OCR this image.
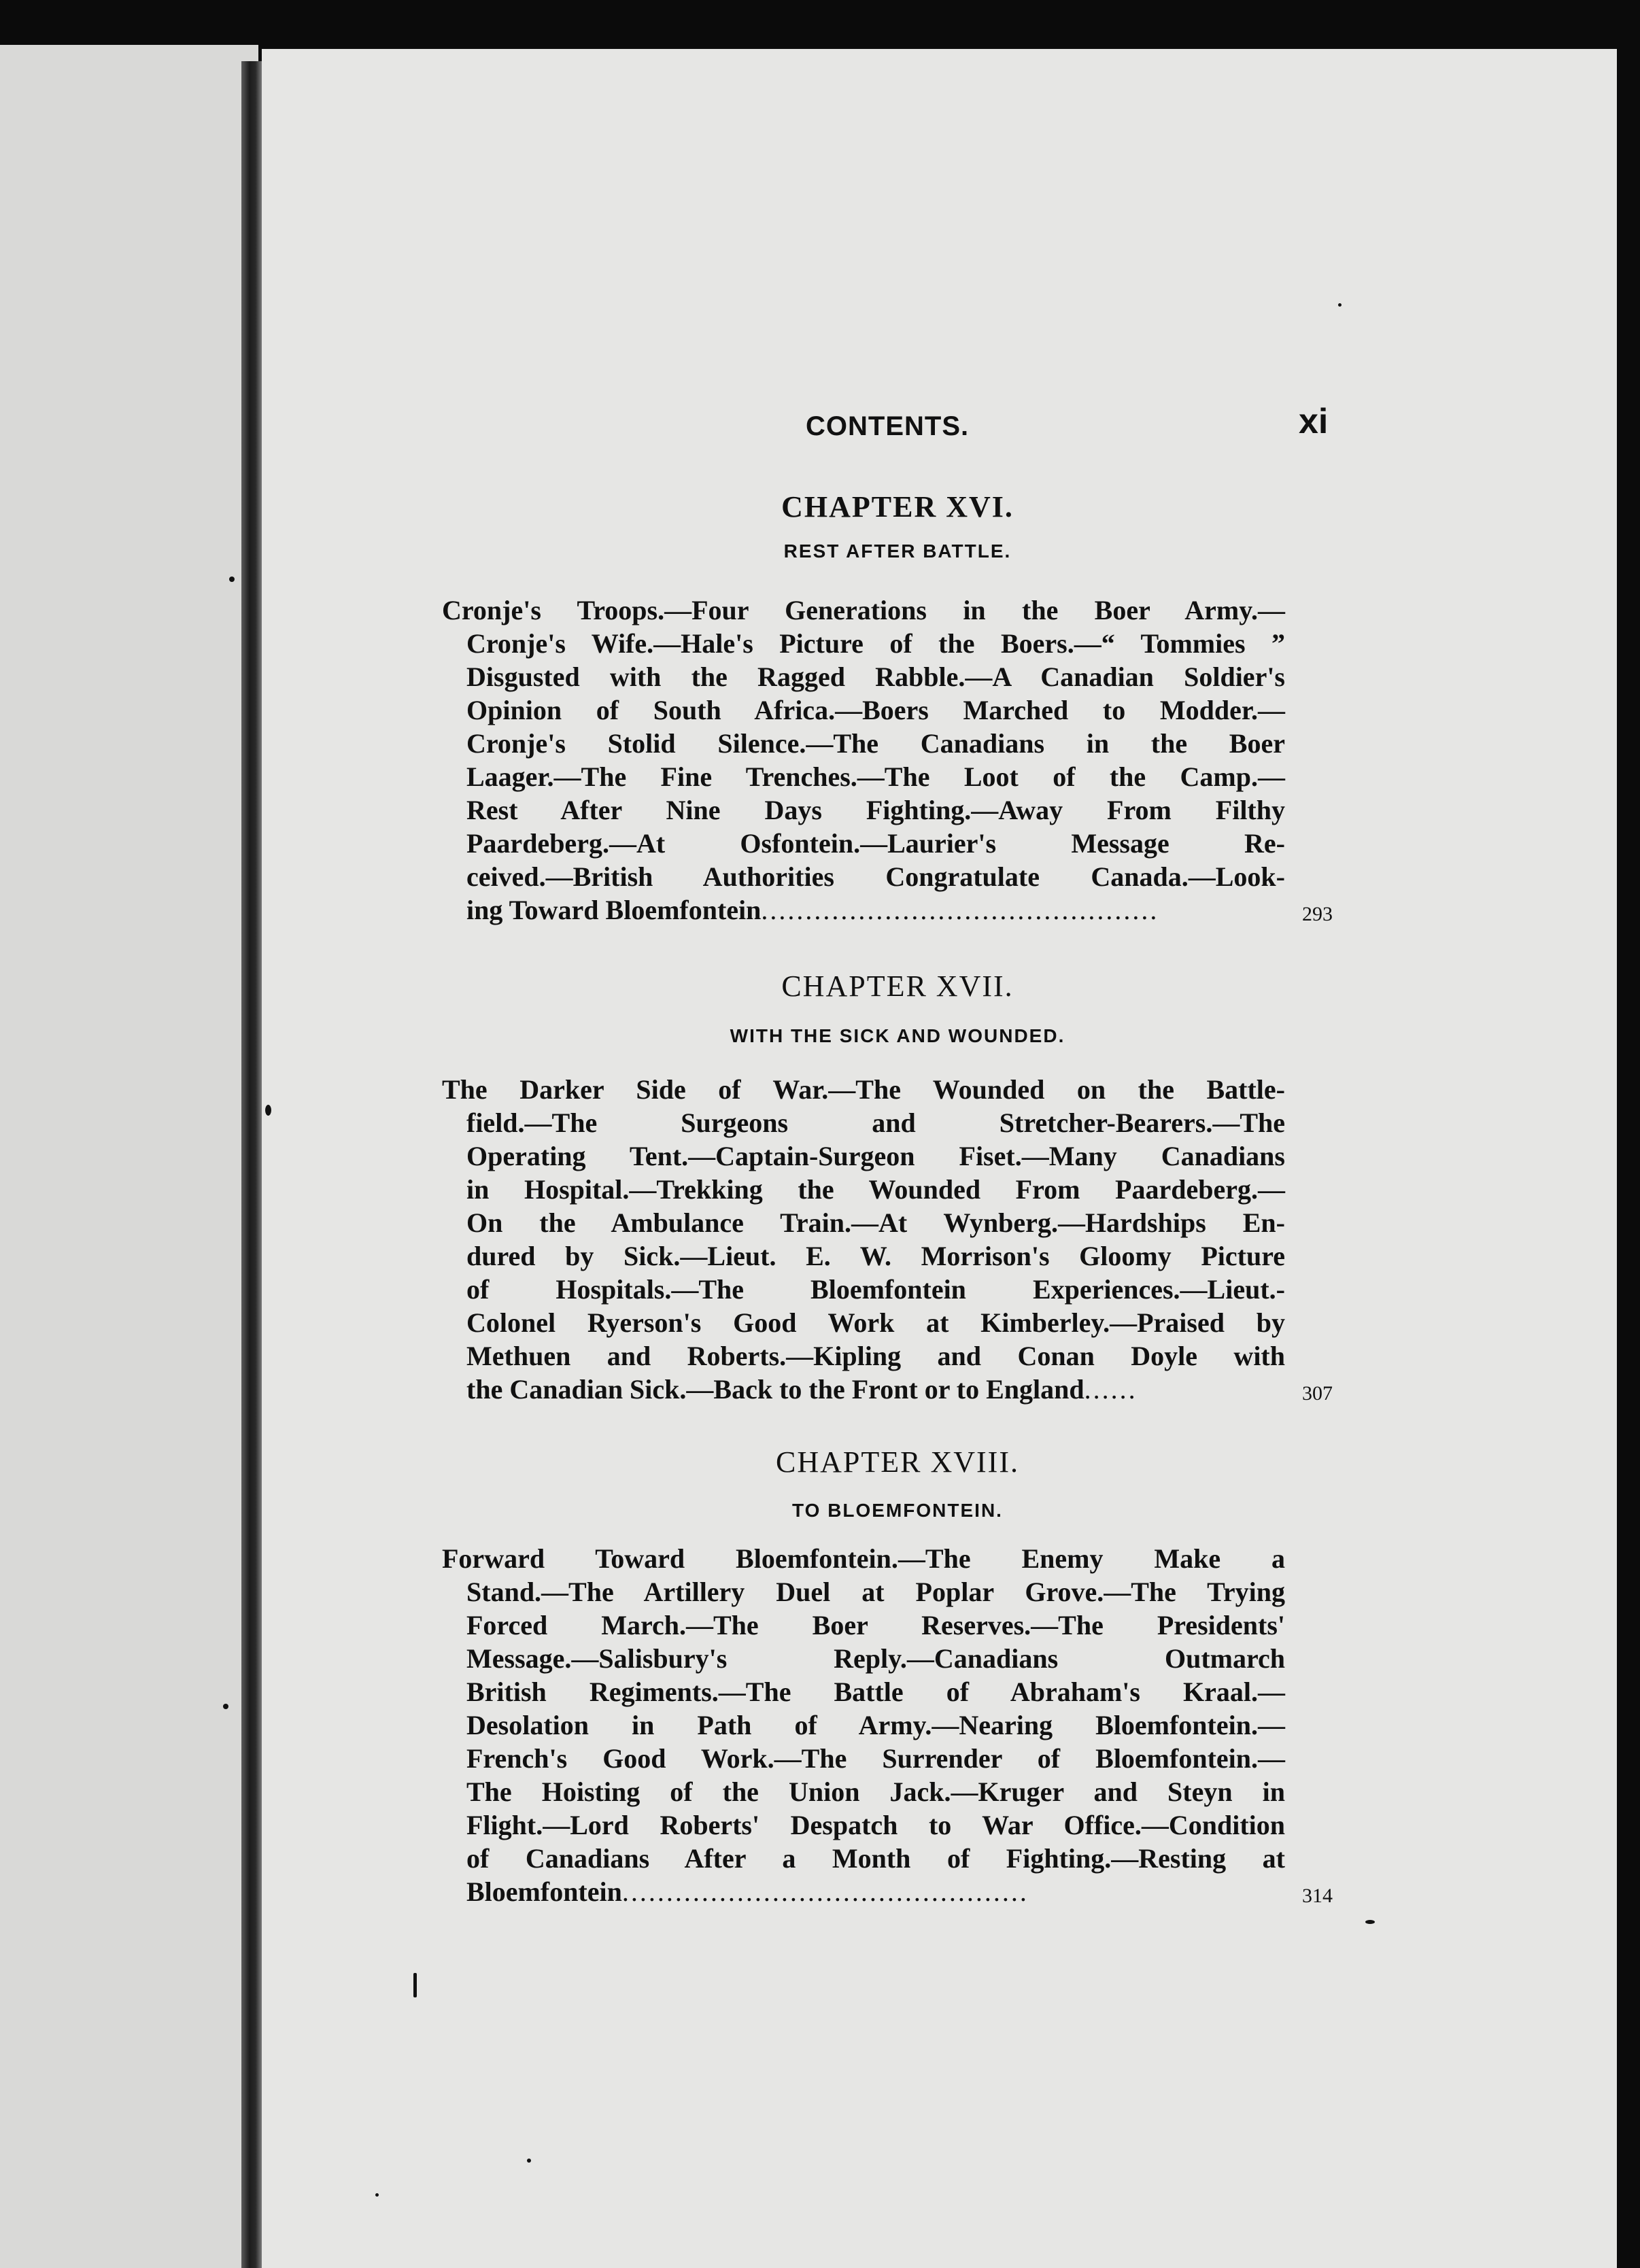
CONTENTS.	xi
CHAPTER XVI.
REST AFTER BATTLE.
Cronje's Troops.—Four Generations in the Boer Army.—
Cronje's Wife.—Hale's Picture of the Boers.—“ Tommies ”
Disgusted with the Ragged Rabble.—A Canadian Soldier's
Opinion of South Africa.—Boers Marched to Modder.—
Cronje's Stolid Silence.—The Canadians in the Boer
Laager.—The Fine Trenches.—The Loot of the Camp.—
Rest After Nine Days Fighting.—Away From Filthy
Paardeberg.—At Osfontein.—Laurier's Message Re-
ceived.—British Authorities Congratulate Canada.—Look-
ing Toward Bloemfontein.............................................	293
CHAPTER XVII.
WITH THE SICK AND WOUNDED.
The Darker Side of War.—The Wounded on the Battle-
field.—The Surgeons and Stretcher-Bearers.—The
Operating Tent.—Captain-Surgeon Fiset.—Many Canadians
in Hospital.—Trekking the Wounded From Paardeberg.—
On the Ambulance Train.—At Wynberg.—Hardships En-
dured by Sick.—Lieut. E. W. Morrison's Gloomy Picture
of Hospitals.—The Bloemfontein Experiences.—Lieut.-
Colonel Ryerson's Good Work at Kimberley.—Praised by
Methuen and Roberts.—Kipling and Conan Doyle with
the Canadian Sick.—Back to the Front or to England......	307
CHAPTER XVIII.
TO BLOEMFONTEIN.
Forward Toward Bloemfontein.—The Enemy Make a
Stand.—The Artillery Duel at Poplar Grove.—The Trying
Forced March.—The Boer Reserves.—The Presidents'
Message.—Salisbury's Reply.—Canadians Outmarch
British Regiments.—The Battle of Abraham's Kraal.—
Desolation in Path of Army.—Nearing Bloemfontein.—
French's Good Work.—The Surrender of Bloemfontein.—
The Hoisting of the Union Jack.—Kruger and Steyn in
Flight.—Lord Roberts' Despatch to War Office.—Condition
of Canadians After a Month of Fighting.—Resting at
Bloemfontein..............................................	314
